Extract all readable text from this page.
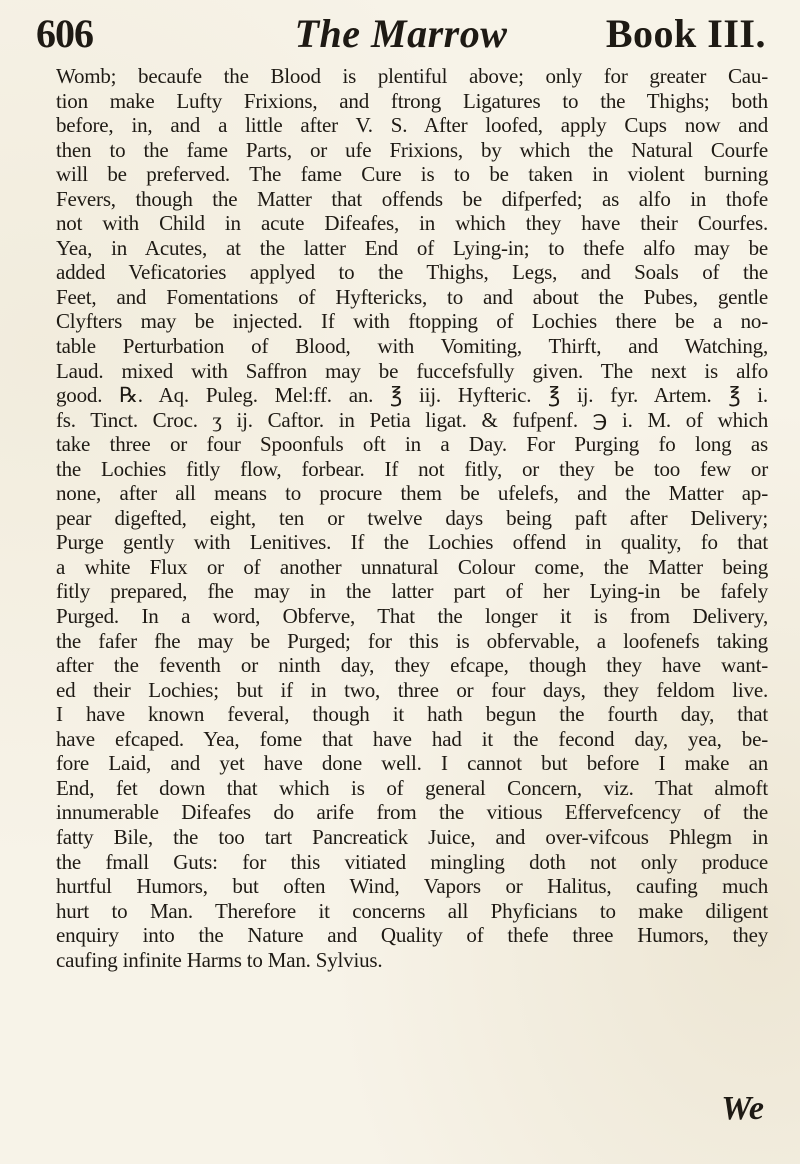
606	The Marrow	Book III.
Womb; becaufe the Blood is plentiful above; only for greater Cau-
tion make Lufty Frixions, and ftrong Ligatures to the Thighs; both
before, in, and a little after V. S. After loofed, apply Cups now and
then to the fame Parts, or ufe Frixions, by which the Natural Courfe
will be preferved. The fame Cure is to be taken in violent burning
Fevers, though the Matter that offends be difperfed; as alfo in thofe
not with Child in acute Difeafes, in which they have their Courfes.
Yea, in Acutes, at the latter End of Lying-in; to thefe alfo may be
added Veficatories applyed to the Thighs, Legs, and Soals of the
Feet, and Fomentations of Hyftericks, to and about the Pubes, gentle
Clyfters may be injected. If with ftopping of Lochies there be a no-
table Perturbation of Blood, with Vomiting, Thirft, and Watching,
Laud. mixed with Saffron may be fuccefsfully given. The next is alfo
good. ℞. Aq. Puleg. Mel:ff. an. ℥ iij. Hyfteric. ℥ ij. fyr. Artem. ℥ i.
fs. Tinct. Croc. ʒ ij. Caftor. in Petia ligat. & fufpenf. ℈ i. M. of which
take three or four Spoonfuls oft in a Day. For Purging fo long as
the Lochies fitly flow, forbear. If not fitly, or they be too few or
none, after all means to procure them be ufelefs, and the Matter ap-
pear digefted, eight, ten or twelve days being paft after Delivery;
Purge gently with Lenitives. If the Lochies offend in quality, fo that
a white Flux or of another unnatural Colour come, the Matter being
fitly prepared, fhe may in the latter part of her Lying-in be fafely
Purged. In a word, Obferve, That the longer it is from Delivery,
the fafer fhe may be Purged; for this is obfervable, a loofenefs taking
after the feventh or ninth day, they efcape, though they have want-
ed their Lochies; but if in two, three or four days, they feldom live.
I have known feveral, though it hath begun the fourth day, that
have efcaped. Yea, fome that have had it the fecond day, yea, be-
fore Laid, and yet have done well. I cannot but before I make an
End, fet down that which is of general Concern, viz. That almoft
innumerable Difeafes do arife from the vitious Effervefcency of the
fatty Bile, the too tart Pancreatick Juice, and over-vifcous Phlegm in
the fmall Guts: for this vitiated mingling doth not only produce
hurtful Humors, but often Wind, Vapors or Halitus, caufing much
hurt to Man. Therefore it concerns all Phyficians to make diligent
enquiry into the Nature and Quality of thefe three Humors, they
caufing infinite Harms to Man. Sylvius.
We
